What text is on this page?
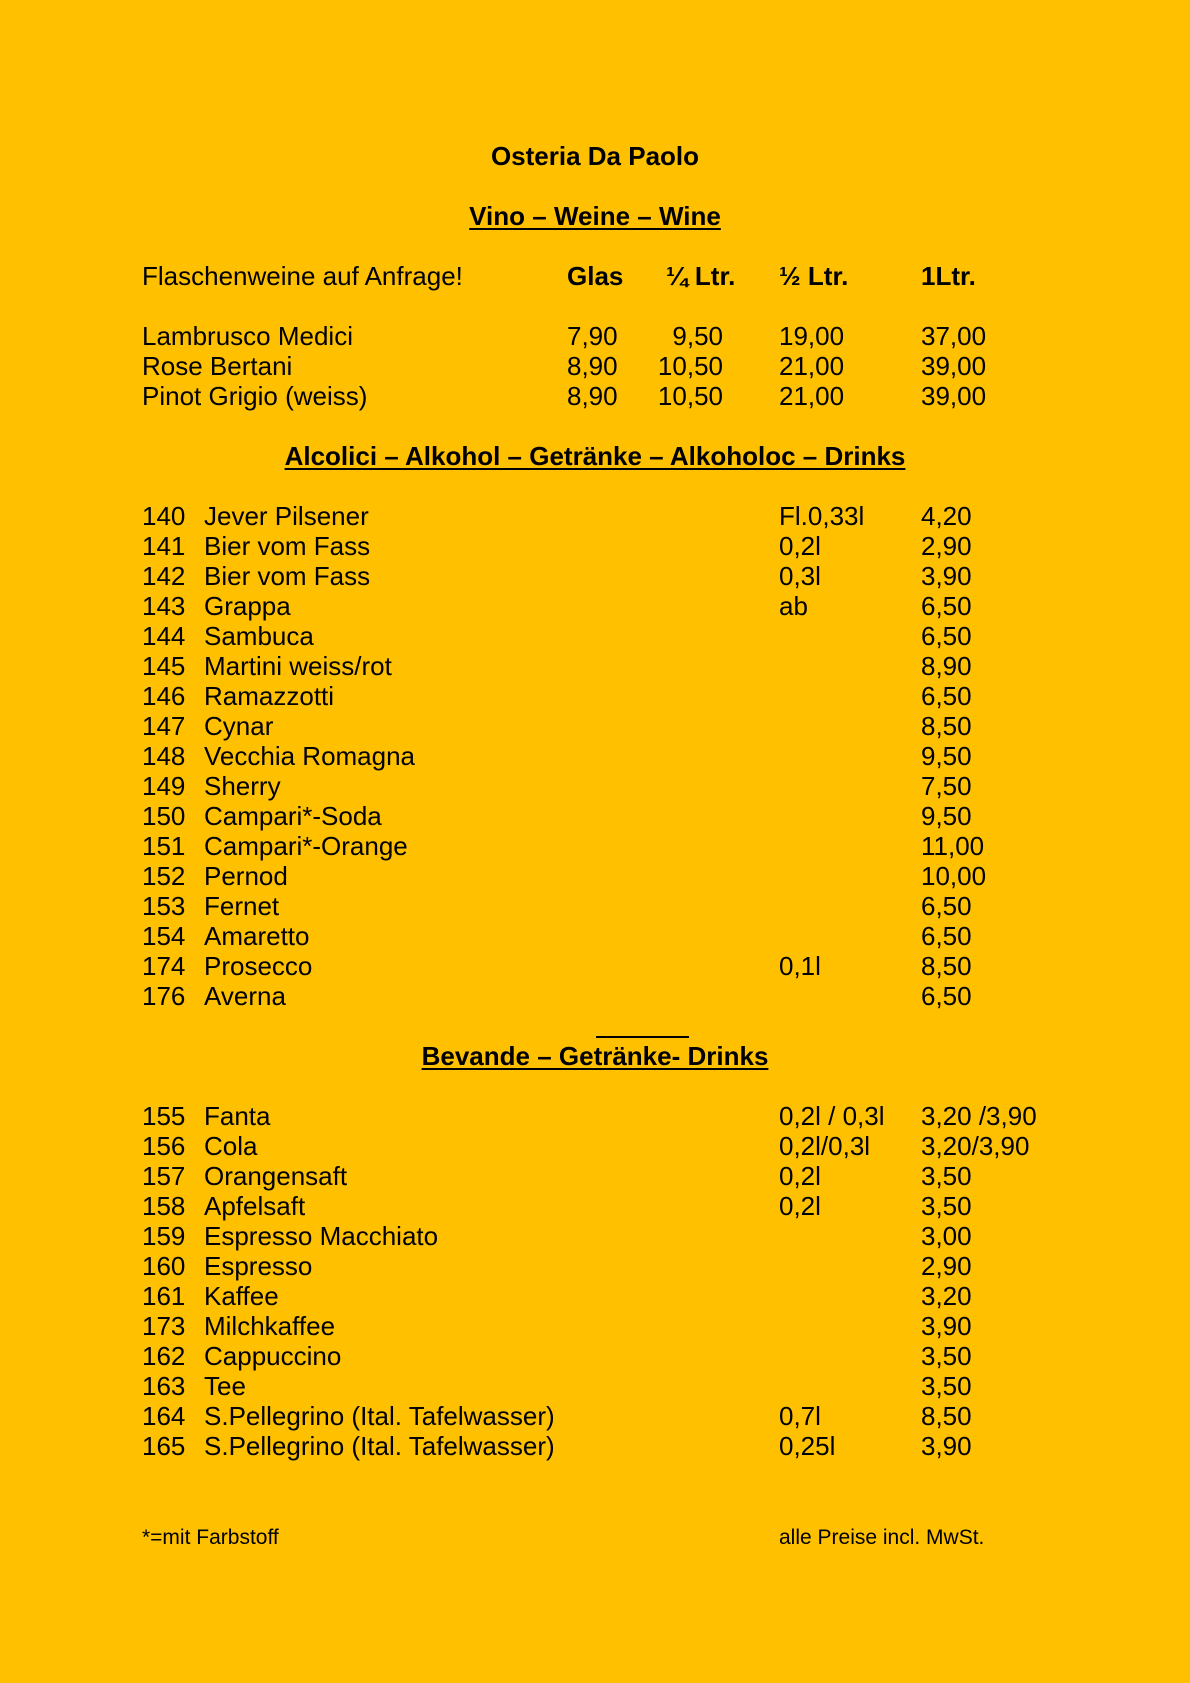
Osteria Da Paolo
Vino – Weine – Wine
Flaschenweine auf Anfrage!	Glas ¼ Ltr. ½ Ltr.	1Ltr.
Lambrusco Medici	7,90	9,50 19,00	37,00
Rose Bertani	8,90 10,50 21,00	39,00
Pinot Grigio (weiss)	8,90 10,50 21,00	39,00
Alcolici – Alkohol – Getränke – Alkoholoc – Drinks
140 Jever Pilsener	Fl.0,33l 4,20
141 Bier vom Fass	0,2l	2,90
142 Bier vom Fass	0,3l	3,90
143 Grappa	ab	6,50
144 Sambuca	6,50
145 Martini weiss/rot	8,90
146 Ramazzotti	6,50
147 Cynar	8,50
148 Vecchia Romagna	9,50
149 Sherry	7,50
150 Campari*-Soda	9,50
151 Campari*-Orange	11,00
152 Pernod	10,00
153 Fernet	6,50
154 Amaretto	6,50
174 Prosecco	0,1l	8,50
176 Averna	6,50
Bevande – Getränke- Drinks
155 Fanta	0,2l / 0,3l 3,20 /3,90
156 Cola	0,2l/0,3l 3,20/3,90
157 Orangensaft	0,2l	3,50
158 Apfelsaft	0,2l	3,50
159 Espresso Macchiato	3,00
160 Espresso	2,90
161 Kaffee	3,20
173 Milchkaffee	3,90
162 Cappuccino	3,50
163 Tee	3,50
164 S.Pellegrino (Ital. Tafelwasser)	0,7l	8,50
165 S.Pellegrino (Ital. Tafelwasser)	0,25l	3,90
*=mit Farbstoff	alle Preise incl. MwSt.
